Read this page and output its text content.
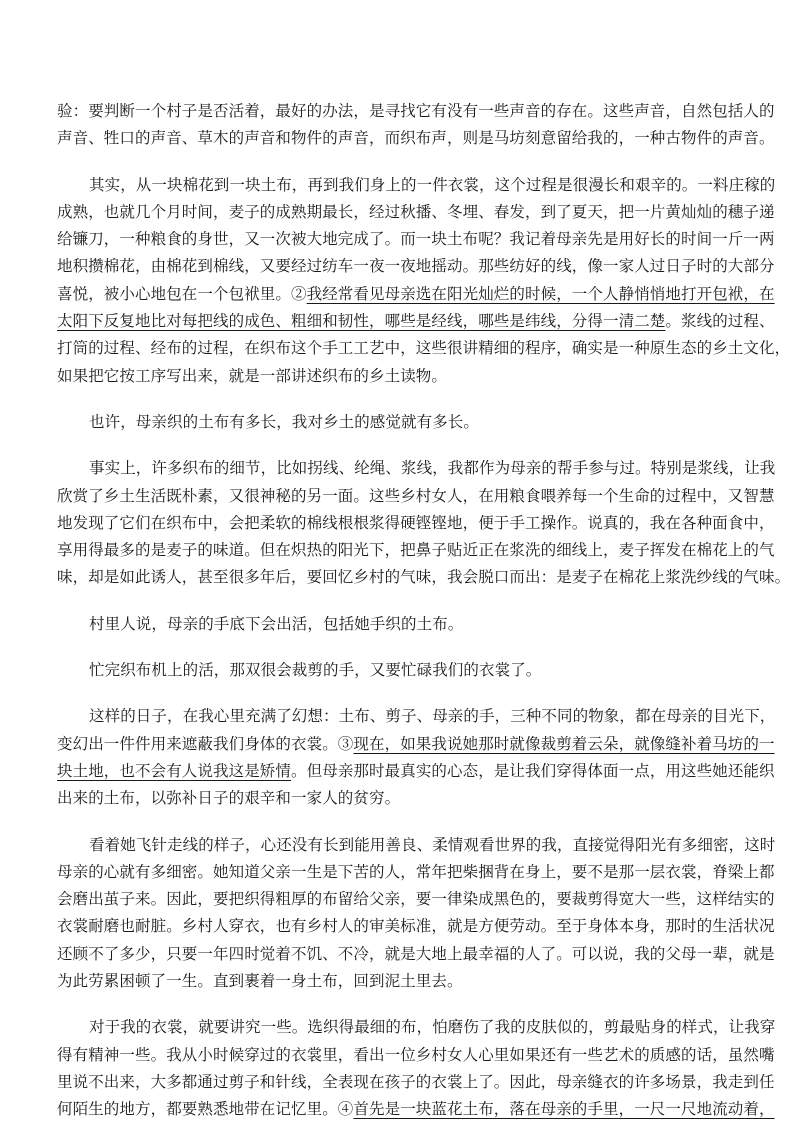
验：要判断一个村子是否活着，最好的办法，是寻找它有没有一些声音的存在。这些声音，自然包括人的
声音、牲口的声音、草木的声音和物件的声音，而织布声，则是马坊刻意留给我的，一种古物件的声音。
其实，从一块棉花到一块土布，再到我们身上的一件衣裳，这个过程是很漫长和艰辛的。一料庄稼的
成熟，也就几个月时间，麦子的成熟期最长，经过秋播、冬埋、春发，到了夏天，把一片黄灿灿的穗子递
给镰刀，一种粮食的身世，又一次被大地完成了。而一块土布呢？我记着母亲先是用好长的时间一斤一两
地积攒棉花，由棉花到棉线，又要经过纺车一夜一夜地摇动。那些纺好的线，像一家人过日子时的大部分
喜悦，被小心地包在一个包袱里。②我经常看见母亲选在阳光灿烂的时候，一个人静悄悄地打开包袱，在
太阳下反复地比对每把线的成色、粗细和韧性，哪些是经线，哪些是纬线，分得一清二楚。浆线的过程、
打筒的过程、经布的过程，在织布这个手工工艺中，这些很讲精细的程序，确实是一种原生态的乡土文化，
如果把它按工序写出来，就是一部讲述织布的乡土读物。
也许，母亲织的土布有多长，我对乡土的感觉就有多长。
事实上，许多织布的细节，比如拐线、纶绳、浆线，我都作为母亲的帮手参与过。特别是浆线，让我
欣赏了乡土生活既朴素，又很神秘的另一面。这些乡村女人，在用粮食喂养每一个生命的过程中，又智慧
地发现了它们在织布中，会把柔软的棉线根根浆得硬铿铿地，便于手工操作。说真的，我在各种面食中，
享用得最多的是麦子的味道。但在炽热的阳光下，把鼻子贴近正在浆洗的细线上，麦子挥发在棉花上的气
味，却是如此诱人，甚至很多年后，要回忆乡村的气味，我会脱口而出：是麦子在棉花上浆洗纱线的气味。
村里人说，母亲的手底下会出活，包括她手织的土布。
忙完织布机上的活，那双很会裁剪的手，又要忙碌我们的衣裳了。
这样的日子，在我心里充满了幻想：土布、剪子、母亲的手，三种不同的物象，都在母亲的目光下，
变幻出一件件用来遮蔽我们身体的衣裳。③现在，如果我说她那时就像裁剪着云朵，就像缝补着马坊的一
块土地，也不会有人说我这是矫情。但母亲那时最真实的心态，是让我们穿得体面一点，用这些她还能织
出来的土布，以弥补日子的艰辛和一家人的贫穷。
看着她飞针走线的样子，心还没有长到能用善良、柔情观看世界的我，直接觉得阳光有多细密，这时
母亲的心就有多细密。她知道父亲一生是下苦的人，常年把柴捆背在身上，要不是那一层衣裳，脊梁上都
会磨出茧子来。因此，要把织得粗厚的布留给父亲，要一律染成黑色的，要裁剪得宽大一些，这样结实的
衣裳耐磨也耐脏。乡村人穿衣，也有乡村人的审美标准，就是方便劳动。至于身体本身，那时的生活状况
还顾不了多少，只要一年四时觉着不饥、不冷，就是大地上最幸福的人了。可以说，我的父母一辈，就是
为此劳累困顿了一生。直到裹着一身土布，回到泥土里去。
对于我的衣裳，就要讲究一些。选织得最细的布，怕磨伤了我的皮肤似的，剪最贴身的样式，让我穿
得有精神一些。我从小时候穿过的衣裳里，看出一位乡村女人心里如果还有一些艺术的质感的话，虽然嘴
里说不出来，大多都通过剪子和针线，全表现在孩子的衣裳上了。因此，母亲缝衣的许多场景，我走到任
何陌生的地方，都要熟悉地带在记忆里。④首先是一块蓝花土布，落在母亲的手里，一尺一尺地流动着，
